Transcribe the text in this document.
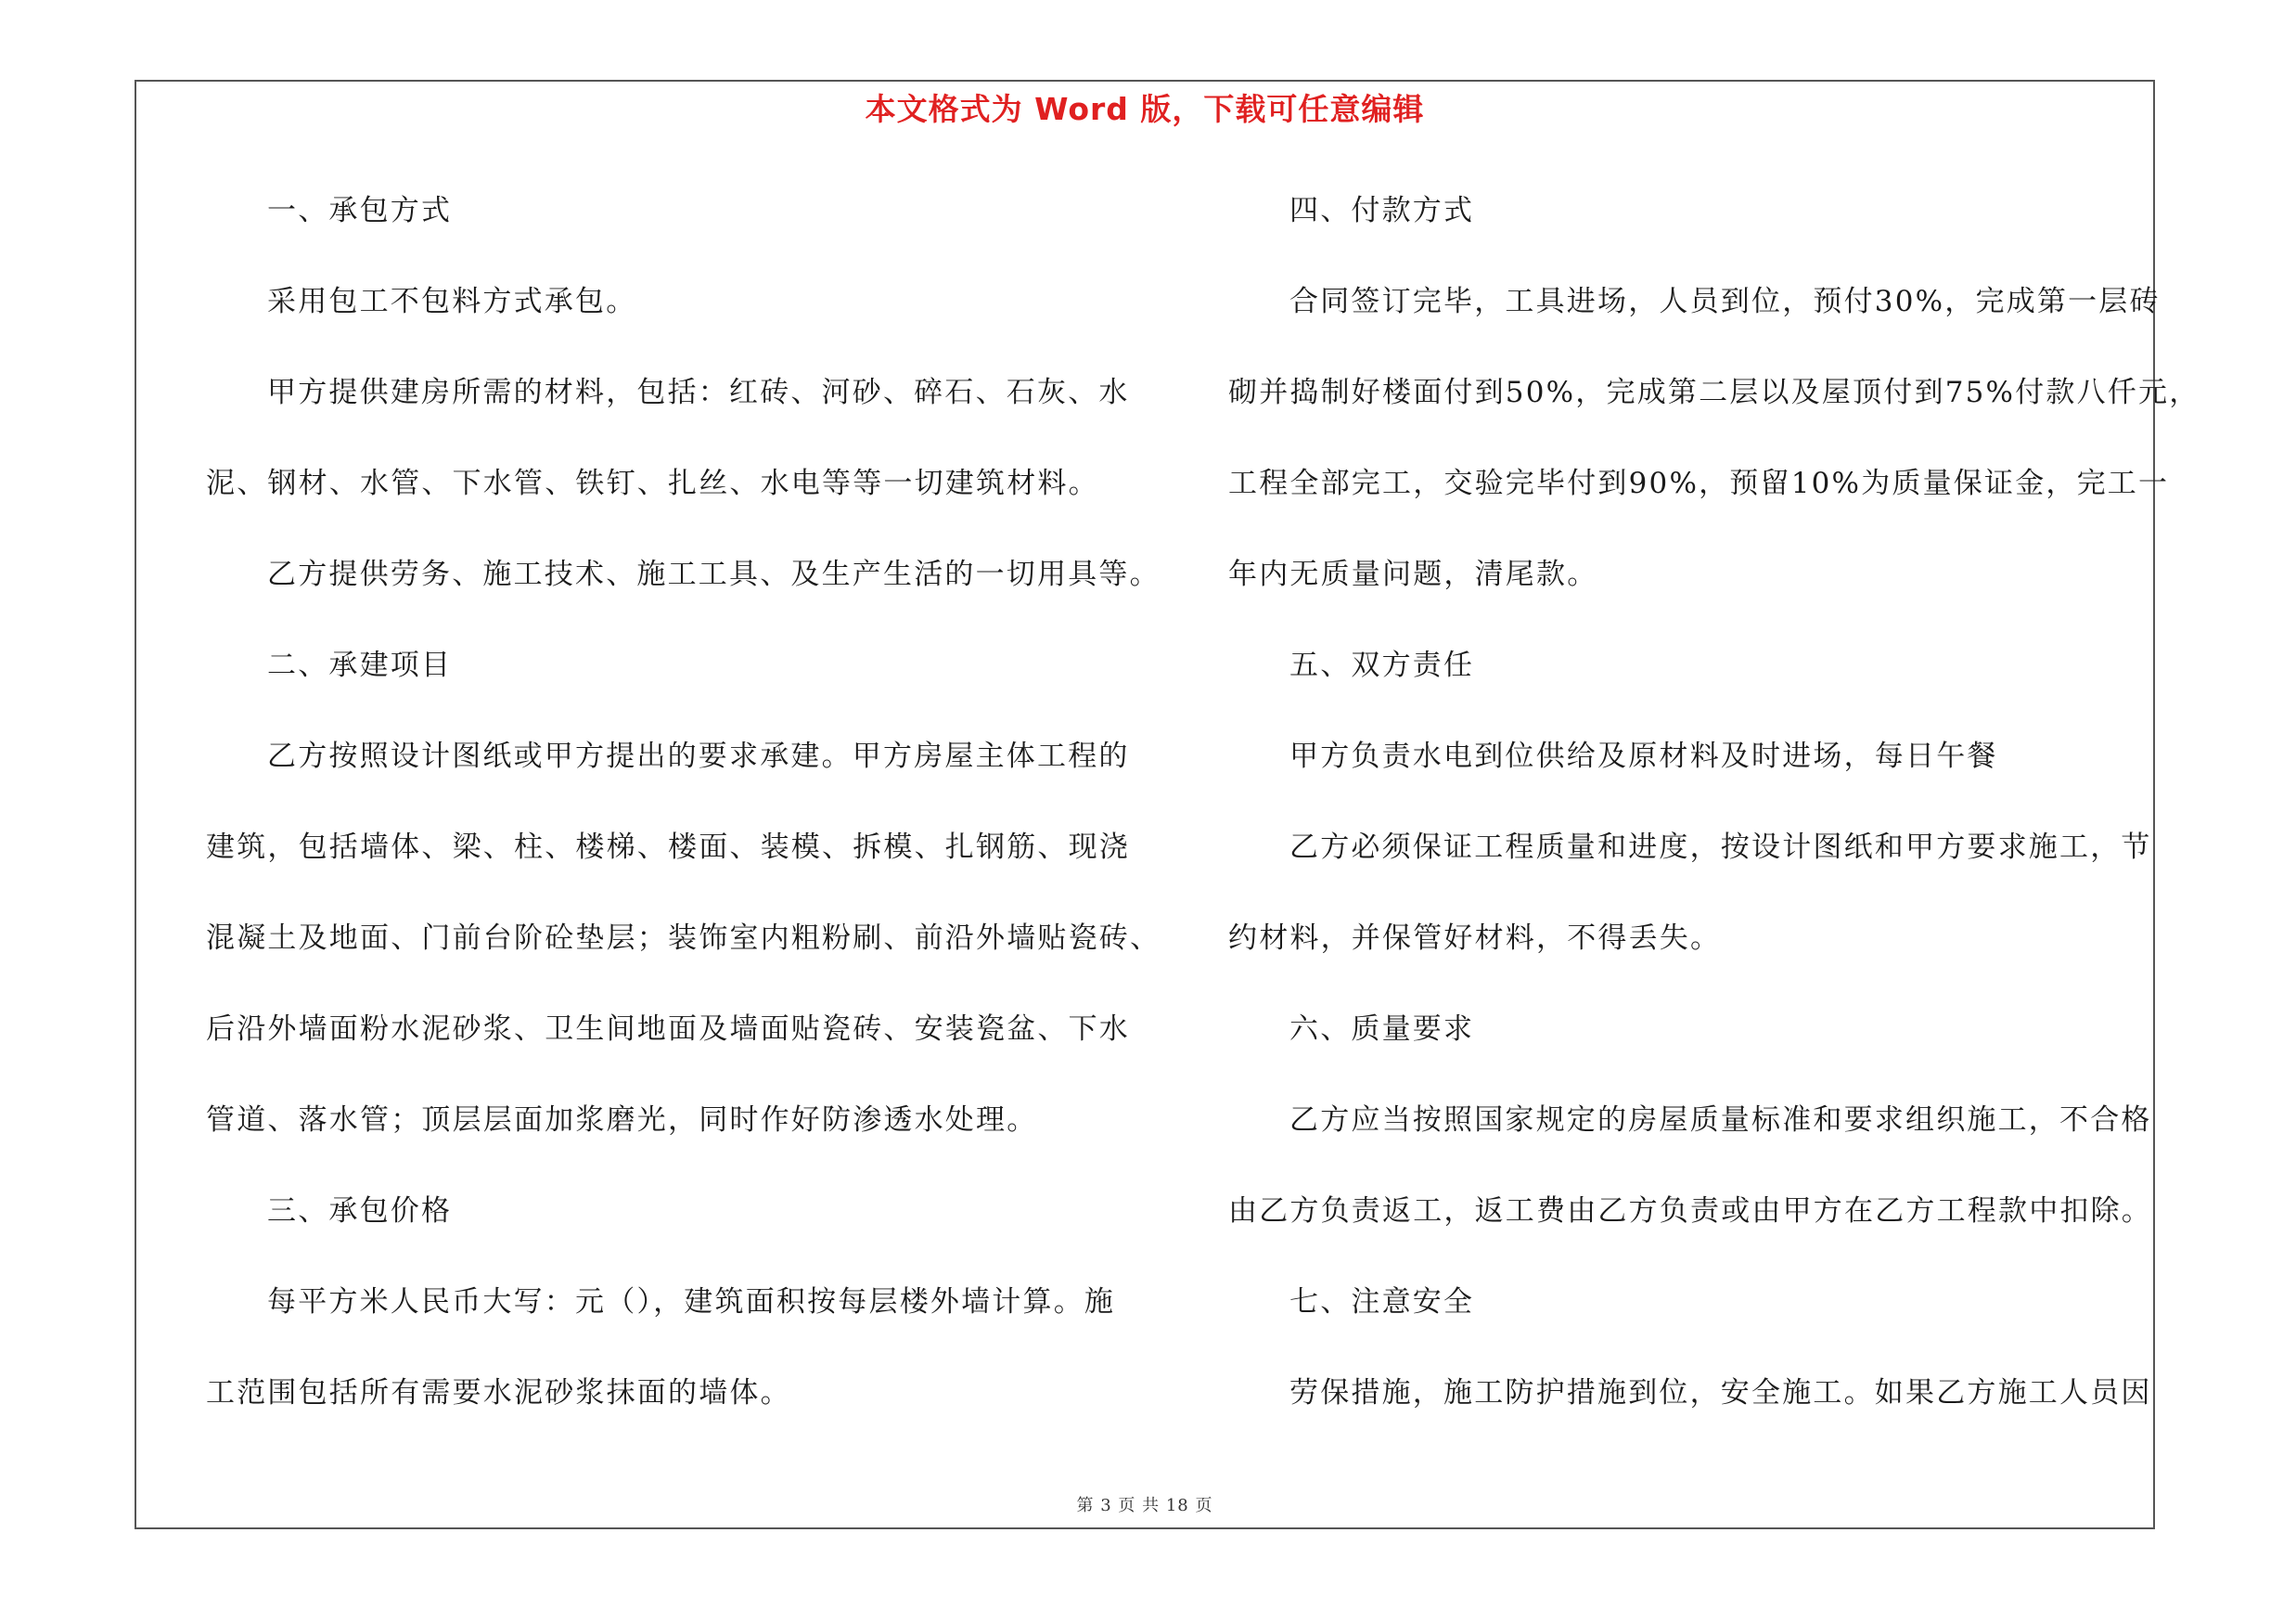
本文格式为 Word 版，下载可任意编辑
一、承包方式
采用包工不包料方式承包。
甲方提供建房所需的材料，包括：红砖、河砂、碎石、石灰、水
泥、钢材、水管、下水管、铁钉、扎丝、水电等等一切建筑材料。
乙方提供劳务、施工技术、施工工具、及生产生活的一切用具等。
二、承建项目
乙方按照设计图纸或甲方提出的要求承建。甲方房屋主体工程的
建筑，包括墙体、梁、柱、楼梯、楼面、装模、拆模、扎钢筋、现浇
混凝土及地面、门前台阶砼垫层；装饰室内粗粉刷、前沿外墙贴瓷砖、
后沿外墙面粉水泥砂浆、卫生间地面及墙面贴瓷砖、安装瓷盆、下水
管道、落水管；顶层层面加浆磨光，同时作好防渗透水处理。
三、承包价格
每平方米人民币大写：元（），建筑面积按每层楼外墙计算。施
工范围包括所有需要水泥砂浆抹面的墙体。
四、付款方式
合同签订完毕，工具进场，人员到位，预付30%，完成第一层砖
砌并捣制好楼面付到50%，完成第二层以及屋顶付到75%付款八仟元，
工程全部完工，交验完毕付到90%，预留10%为质量保证金，完工一
年内无质量问题，清尾款。
五、双方责任
甲方负责水电到位供给及原材料及时进场，每日午餐
乙方必须保证工程质量和进度，按设计图纸和甲方要求施工，节
约材料，并保管好材料，不得丢失。
六、质量要求
乙方应当按照国家规定的房屋质量标准和要求组织施工，不合格
由乙方负责返工，返工费由乙方负责或由甲方在乙方工程款中扣除。
七、注意安全
劳保措施，施工防护措施到位，安全施工。如果乙方施工人员因
第 3 页 共 18 页
